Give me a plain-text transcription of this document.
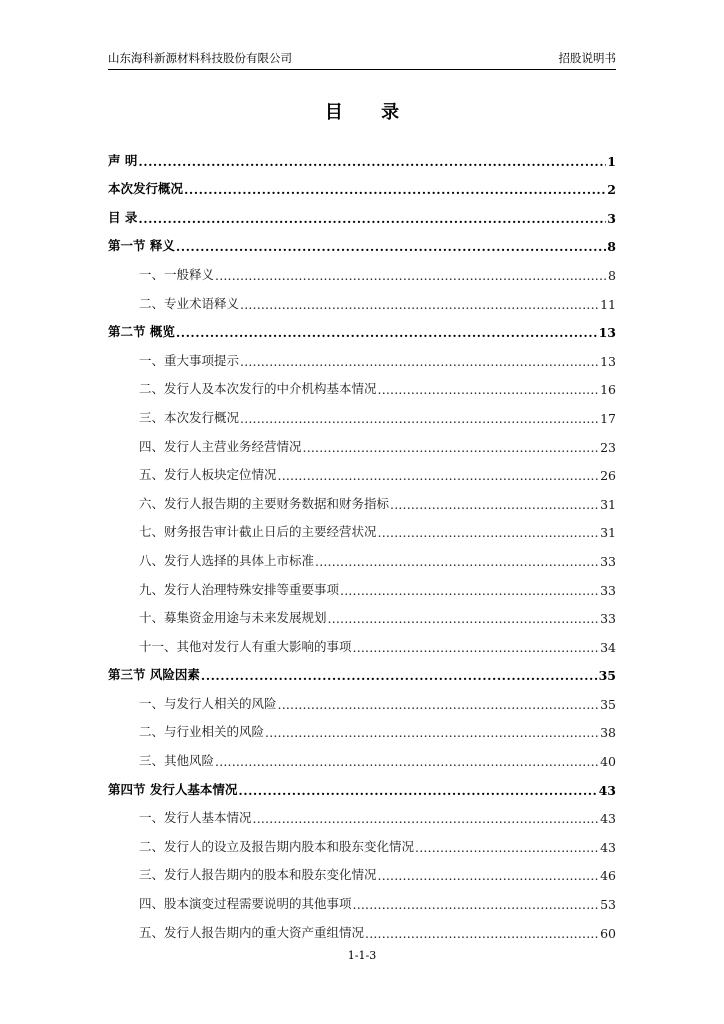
山东海科新源材料科技股份有限公司	招股说明书
目 录
声 明 .....	1
本次发行概况 .....	2
目 录 .....	3
第一节 释义 .....	8
一、一般释义 .....	8
二、专业术语释义 .....	11
第二节 概览 .....	13
一、重大事项提示 .....	13
二、发行人及本次发行的中介机构基本情况 .....	16
三、本次发行概况 .....	17
四、发行人主营业务经营情况 .....	23
五、发行人板块定位情况 .....	26
六、发行人报告期的主要财务数据和财务指标 .....	31
七、财务报告审计截止日后的主要经营状况 .....	31
八、发行人选择的具体上市标准 .....	33
九、发行人治理特殊安排等重要事项 .....	33
十、募集资金用途与未来发展规划 .....	33
十一、其他对发行人有重大影响的事项 .....	34
第三节 风险因素 .....	35
一、与发行人相关的风险 .....	35
二、与行业相关的风险 .....	38
三、其他风险 .....	40
第四节 发行人基本情况 .....	43
一、发行人基本情况 .....	43
二、发行人的设立及报告期内股本和股东变化情况 .....	43
三、发行人报告期内的股本和股东变化情况 .....	46
四、股本演变过程需要说明的其他事项 .....	53
五、发行人报告期内的重大资产重组情况 .....	60
1-1-3
